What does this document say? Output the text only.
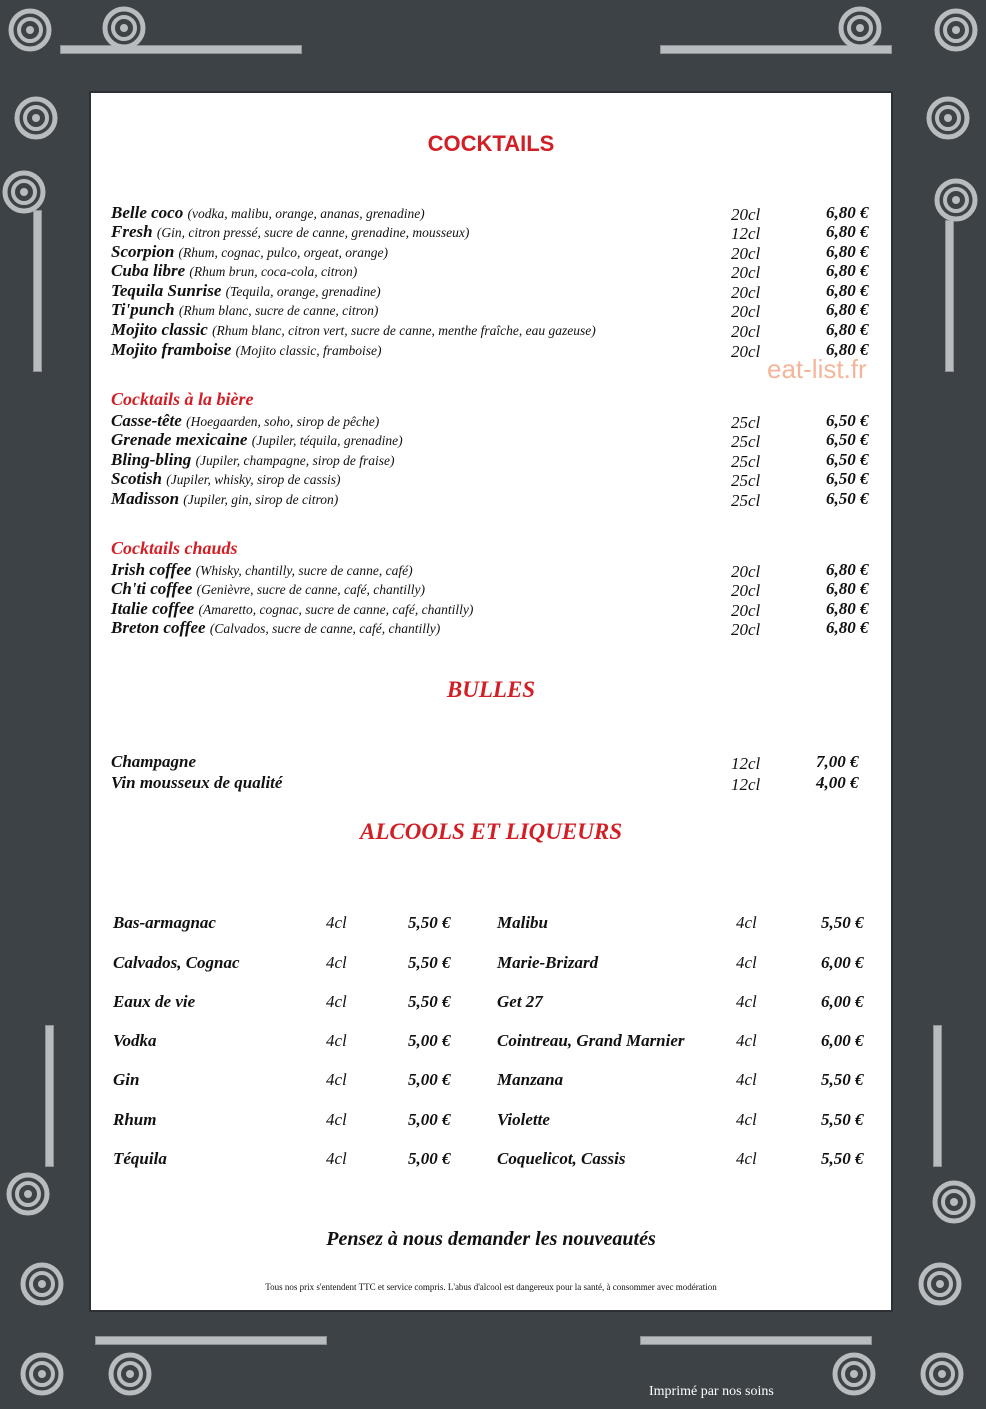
COCKTAILS
Belle coco (vodka, malibu, orange, ananas, grenadine)	20cl	6,80 €
Fresh (Gin, citron pressé, sucre de canne, grenadine, mousseux)	12cl	6,80 €
Scorpion (Rhum, cognac, pulco, orgeat, orange)	20cl	6,80 €
Cuba libre (Rhum brun, coca-cola, citron)	20cl	6,80 €
Tequila Sunrise (Tequila, orange, grenadine)	20cl	6,80 €
Ti'punch (Rhum blanc, sucre de canne, citron)	20cl	6,80 €
Mojito classic (Rhum blanc, citron vert, sucre de canne, menthe fraîche, eau gazeuse)	20cl	6,80 €
Mojito framboise (Mojito classic, framboise)	20cl	6,80 €
eat-list.fr
Cocktails à la bière
Casse-tête (Hoegaarden, soho, sirop de pêche)	25cl	6,50 €
Grenade mexicaine (Jupiler, téquila, grenadine)	25cl	6,50 €
Bling-bling (Jupiler, champagne, sirop de fraise)	25cl	6,50 €
Scotish (Jupiler, whisky, sirop de cassis)	25cl	6,50 €
Madisson (Jupiler, gin, sirop de citron)	25cl	6,50 €
Cocktails chauds
Irish coffee (Whisky, chantilly, sucre de canne, café)	20cl	6,80 €
Ch'ti coffee (Genièvre, sucre de canne, café, chantilly)	20cl	6,80 €
Italie coffee (Amaretto, cognac, sucre de canne, café, chantilly)	20cl	6,80 €
Breton coffee (Calvados, sucre de canne, café, chantilly)	20cl	6,80 €
BULLES
Champagne	12cl	7,00 €
Vin mousseux de qualité	12cl	4,00 €
ALCOOLS ET LIQUEURS
Bas-armagnac	4cl	5,50 €
Calvados, Cognac	4cl	5,50 €
Eaux de vie	4cl	5,50 €
Vodka	4cl	5,00 €
Gin	4cl	5,00 €
Rhum	4cl	5,00 €
Téquila	4cl	5,00 €
Malibu	4cl	5,50 €
Marie-Brizard	4cl	6,00 €
Get 27	4cl	6,00 €
Cointreau, Grand Marnier	4cl	6,00 €
Manzana	4cl	5,50 €
Violette	4cl	5,50 €
Coquelicot, Cassis	4cl	5,50 €
Pensez à nous demander les nouveautés
Tous nos prix s'entendent TTC et service compris. L'abus d'alcool est dangereux pour la santé, à consommer avec modération
Imprimé par nos soins
